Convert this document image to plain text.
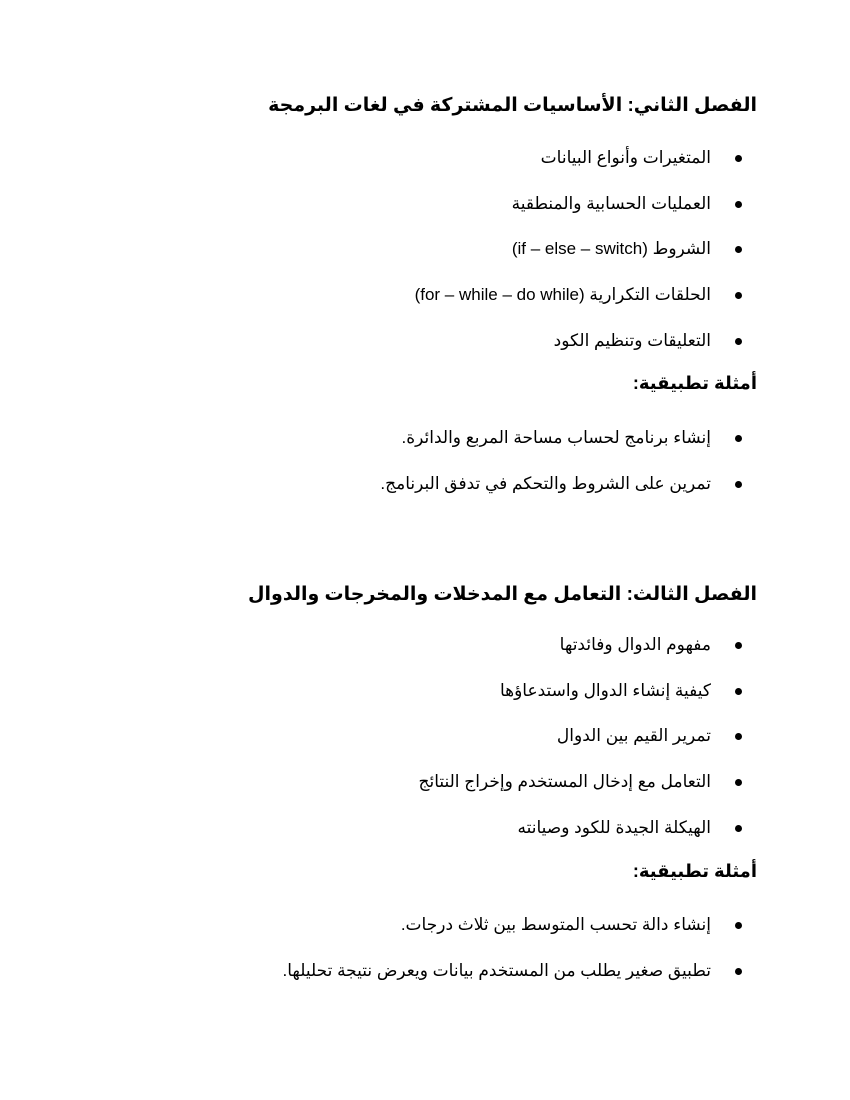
الفصل الثاني: الأساسيات المشتركة في لغات البرمجة
المتغيرات وأنواع البيانات
العمليات الحسابية والمنطقية
الشروط (if – else – switch)
الحلقات التكرارية (for – while – do while)
التعليقات وتنظيم الكود
أمثلة تطبيقية:
إنشاء برنامج لحساب مساحة المربع والدائرة.
تمرين على الشروط والتحكم في تدفق البرنامج.
الفصل الثالث: التعامل مع المدخلات والمخرجات والدوال
مفهوم الدوال وفائدتها
كيفية إنشاء الدوال واستدعاؤها
تمرير القيم بين الدوال
التعامل مع إدخال المستخدم وإخراج النتائج
الهيكلة الجيدة للكود وصيانته
أمثلة تطبيقية:
إنشاء دالة تحسب المتوسط بين ثلاث درجات.
تطبيق صغير يطلب من المستخدم بيانات ويعرض نتيجة تحليلها.
